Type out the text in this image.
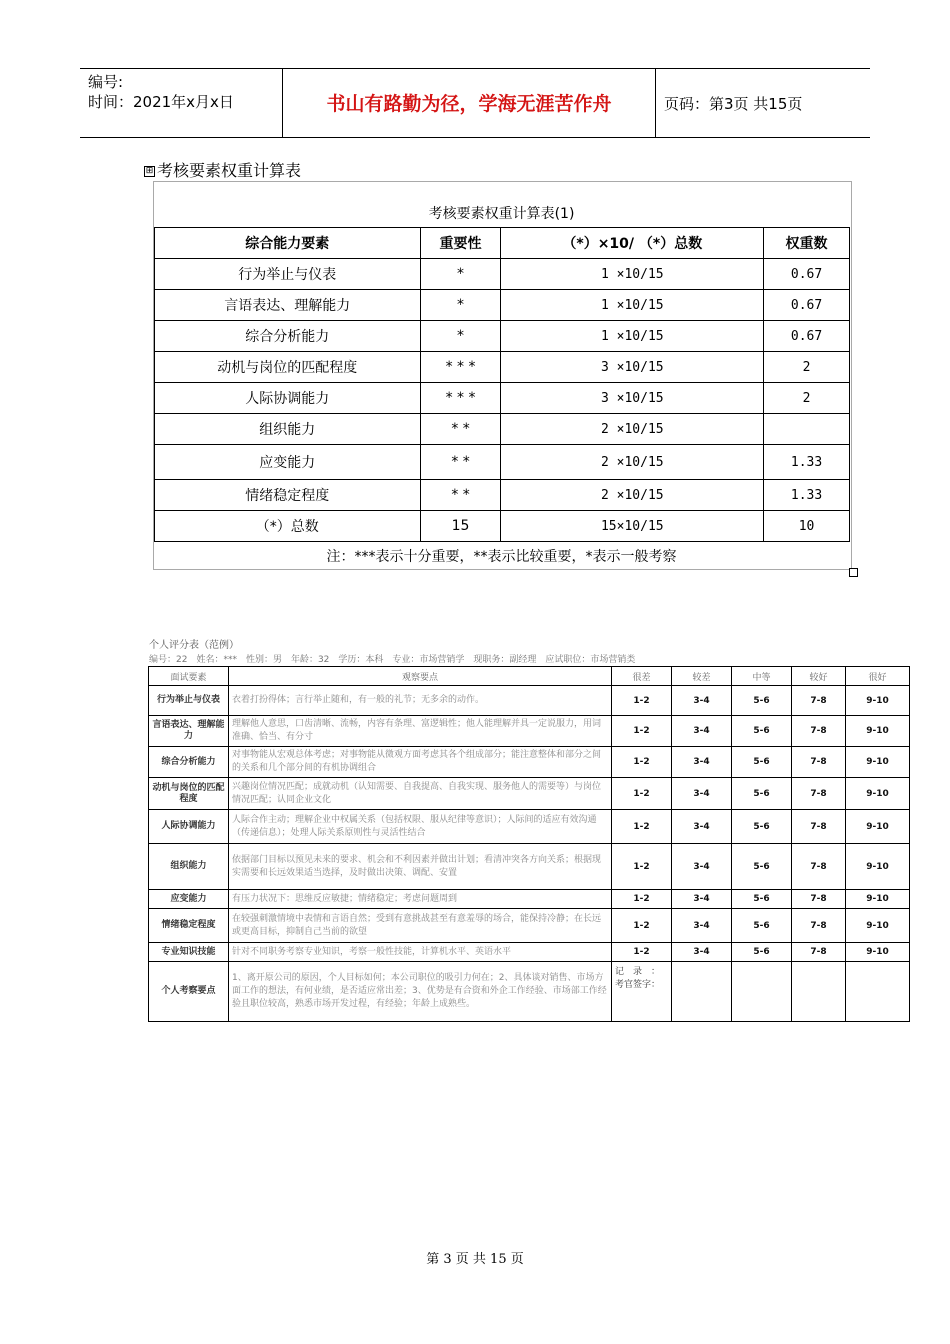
编号:
时间：2021年x月x日	书山有路勤为径，学海无涯苦作舟	页码：第3页 共15页
⊞ 考核要素权重计算表
考核要素权重计算表(1)
综合能力要素	重要性	（*）×10/ （*）总数	权重数
行为举止与仪表	*	1 ×10/15	0.67
言语表达、理解能力	*	1 ×10/15	0.67
综合分析能力	*	1 ×10/15	0.67
动机与岗位的匹配程度	* * *	3 ×10/15	2
人际协调能力	* * *	3 ×10/15	2
组织能力	* *	2 ×10/15	
应变能力	* *	2 ×10/15	1.33
情绪稳定程度	* *	2 ×10/15	1.33
（*）总数	15	15×10/15	10
注：***表示十分重要，**表示比较重要，*表示一般考察
个人评分表（范例）
编号：22　姓名：***　性别：男　年龄：32　学历：本科　专业：市场营销学　现职务：副经理　应试职位：市场营销类
面试要素	观察要点	很差	较差	中等	较好	很好
行为举止与仪表	衣着打扮得体；言行举止随和，有一般的礼节；无多余的动作。	1-2	3-4	5-6	7-8	9-10
言语表达、理解能力	理解他人意思，口齿清晰、流畅，内容有条理、富逻辑性；他人能理解并具一定说服力，用词准确、恰当、有分寸	1-2	3-4	5-6	7-8	9-10
综合分析能力	对事物能从宏观总体考虑；对事物能从微观方面考虑其各个组成部分；能注意整体和部分之间的关系和几个部分间的有机协调组合	1-2	3-4	5-6	7-8	9-10
动机与岗位的匹配程度	兴趣岗位情况匹配；成就动机（认知需要、自我提高、自我实现、服务他人的需要等）与岗位情况匹配；认同企业文化	1-2	3-4	5-6	7-8	9-10
人际协调能力	人际合作主动；理解企业中权属关系（包括权限、服从纪律等意识）；人际间的适应有效沟通（传递信息）；处理人际关系原则性与灵活性结合	1-2	3-4	5-6	7-8	9-10
组织能力	依据部门目标以预见未来的要求、机会和不利因素并做出计划；看清冲突各方向关系；根据现实需要和长远效果适当选择，及时做出决策、调配、安置	1-2	3-4	5-6	7-8	9-10
应变能力	有压力状况下：思维反应敏捷；情绪稳定；考虑问题周到	1-2	3-4	5-6	7-8	9-10
情绪稳定程度	在较强刺激情境中表情和言语自然；受到有意挑战甚至有意羞辱的场合，能保持冷静；在长远或更高目标，抑制自己当前的欲望	1-2	3-4	5-6	7-8	9-10
专业知识技能	针对不同职务考察专业知识，考察一般性技能，计算机水平、英语水平	1-2	3-4	5-6	7-8	9-10
个人考察要点	1、离开原公司的原因，个人目标如何；本公司职位的吸引力何在；2、具体谈对销售、市场方面工作的想法，有何业绩，是否适应常出差；3、优势是有合资和外企工作经验、市场部工作经验且职位较高，熟悉市场开发过程，有经验；年龄上成熟些。	记　录　：考官签字：				
第 3 页 共 15 页
